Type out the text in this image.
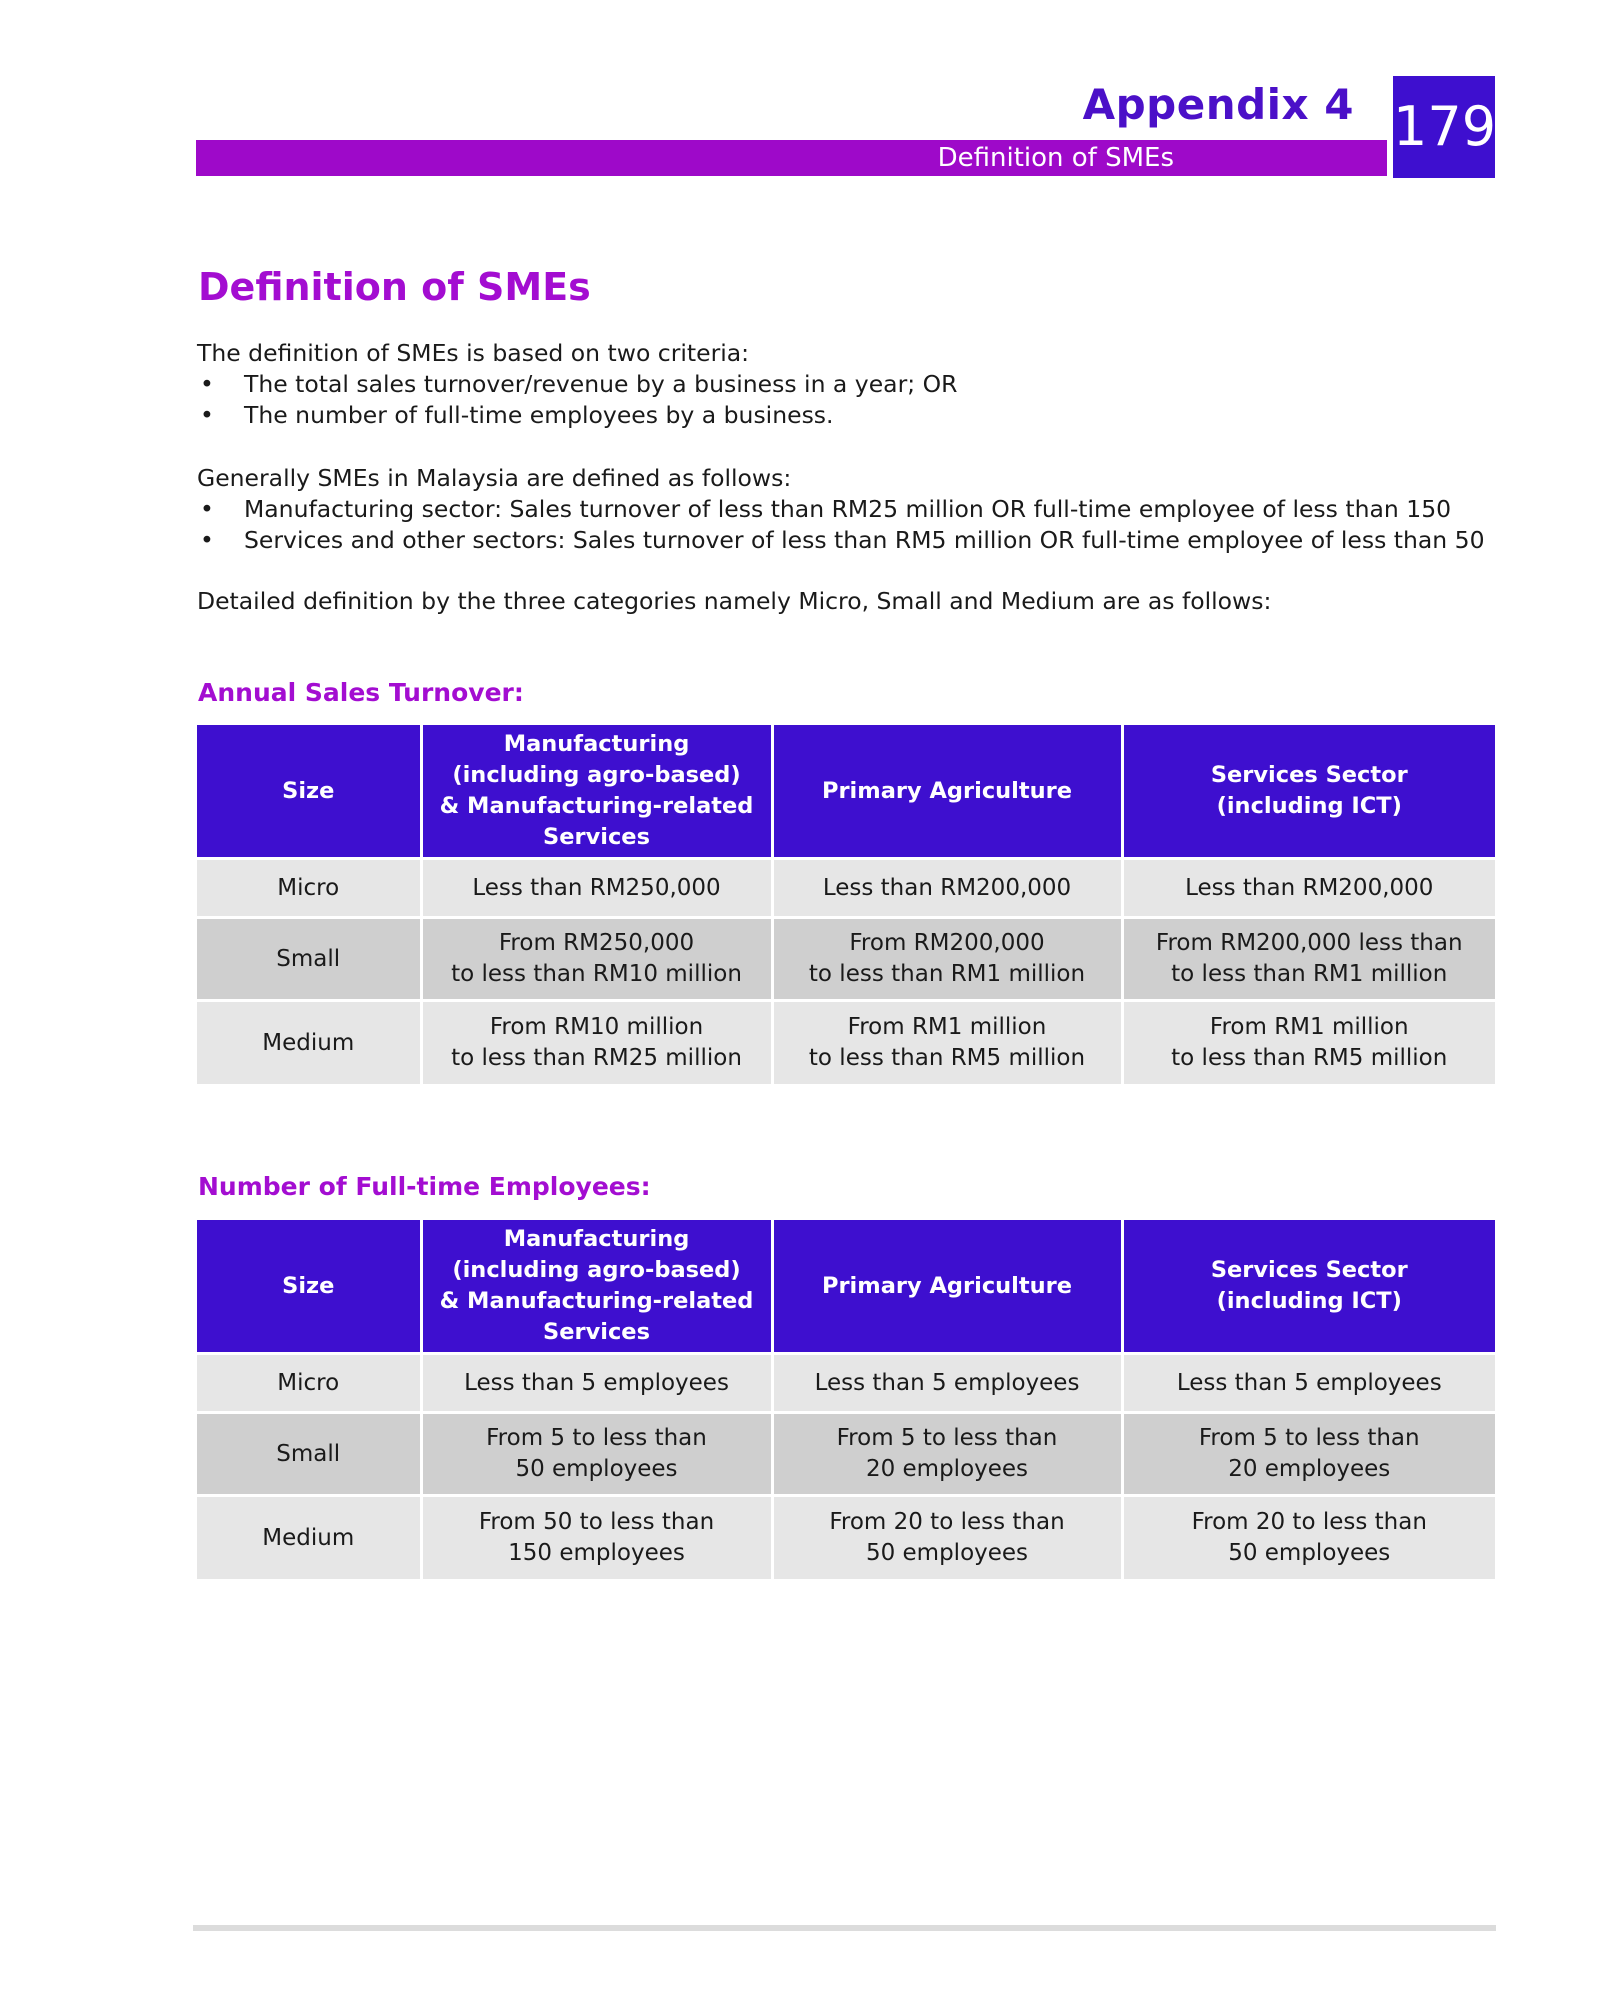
Appendix 4
Definition of SMEs	179
Definition of SMEs

The definition of SMEs is based on two criteria:

• The total sales turnover/revenue by a business in a year; OR
• The number of full-time employees by a business.

Generally SMEs in Malaysia are defined as follows:

• Manufacturing sector: Sales turnover of less than RM25 million OR full-time employee of less than 150
• Services and other sectors: Sales turnover of less than RM5 million OR full-time employee of less than 50

Detailed definition by the three categories namely Micro, Small and Medium are as follows:

Annual Sales Turnover:
Size	Manufacturing
(including agro-based)
& Manufacturing-related
Services	Primary Agriculture	Services Sector
(including ICT)

Micro	Less than RM250,000	Less than RM200,000	Less than RM200,000

Small	From RM250,000
to less than RM10 million	From RM200,000
to less than RM1 million	From RM200,000 less than
to less than RM1 million

Medium	From RM10 million
to less than RM25 million	From RM1 million
to less than RM5 million	From RM1 million
to less than RM5 million
Number of Full-time Employees:
Size	Manufacturing
(including agro-based)
& Manufacturing-related
Services	Primary Agriculture	Services Sector
(including ICT)

Micro	Less than 5 employees	Less than 5 employees	Less than 5 employees

Small	From 5 to less than
50 employees	From 5 to less than
20 employees	From 5 to less than
20 employees

Medium	From 50 to less than
150 employees	From 20 to less than
50 employees	From 20 to less than
50 employees
